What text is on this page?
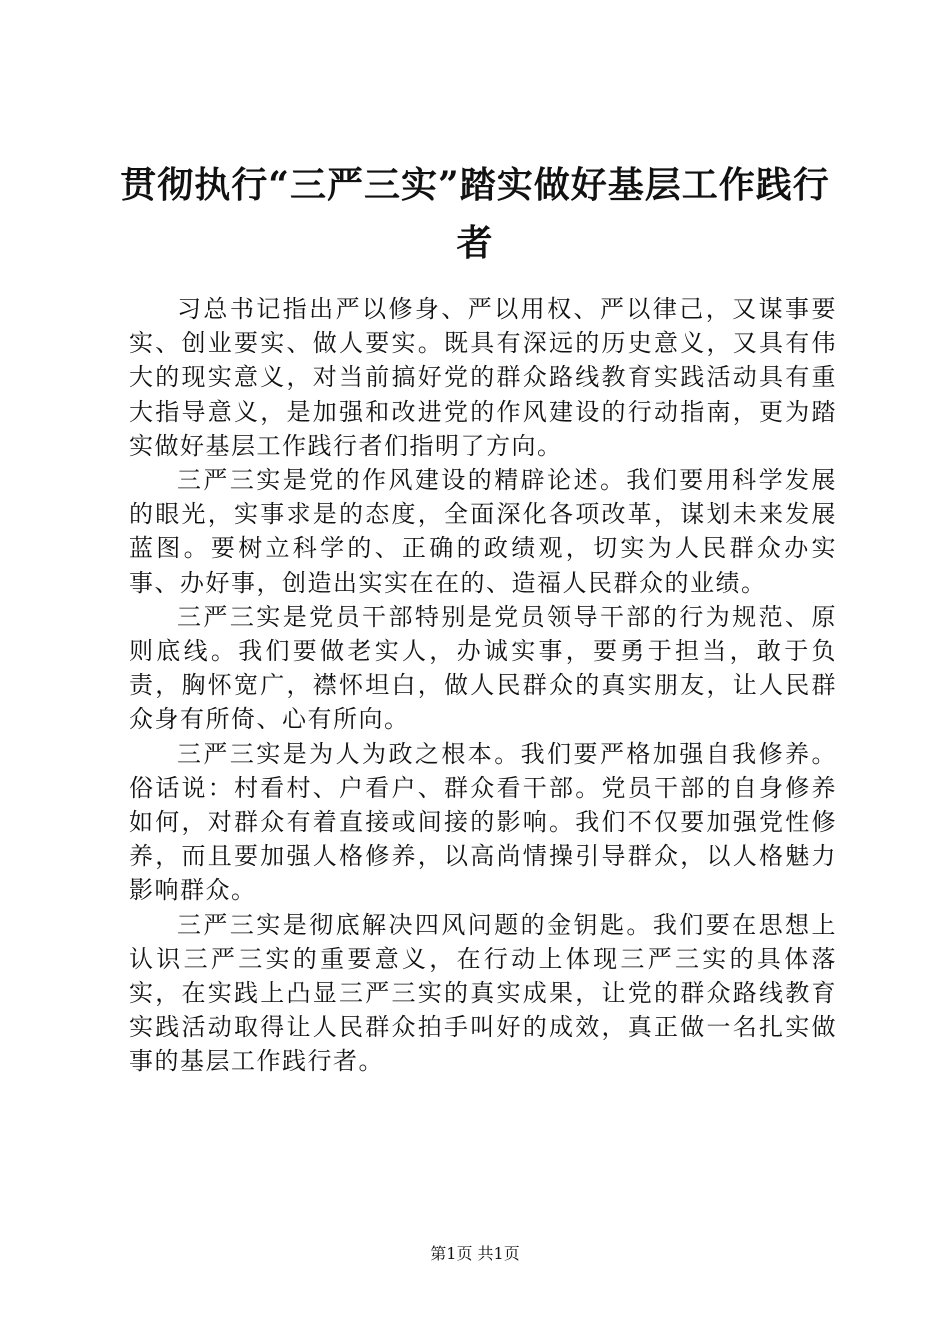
贯彻执行“三严三实”踏实做好基层工作践行者

习总书记指出严以修身、严以用权、严以律己，又谋事要实、创业要实、做人要实。既具有深远的历史意义，又具有伟大的现实意义，对当前搞好党的群众路线教育实践活动具有重大指导意义，是加强和改进党的作风建设的行动指南，更为踏实做好基层工作践行者们指明了方向。

三严三实是党的作风建设的精辟论述。我们要用科学发展的眼光，实事求是的态度，全面深化各项改革，谋划未来发展蓝图。要树立科学的、正确的政绩观，切实为人民群众办实事、办好事，创造出实实在在的、造福人民群众的业绩。

三严三实是党员干部特别是党员领导干部的行为规范、原则底线。我们要做老实人，办诚实事，要勇于担当，敢于负责，胸怀宽广，襟怀坦白，做人民群众的真实朋友，让人民群众身有所倚、心有所向。

三严三实是为人为政之根本。我们要严格加强自我修养。俗话说：村看村、户看户、群众看干部。党员干部的自身修养如何，对群众有着直接或间接的影响。我们不仅要加强党性修养，而且要加强人格修养，以高尚情操引导群众，以人格魅力影响群众。

三严三实是彻底解决四风问题的金钥匙。我们要在思想上认识三严三实的重要意义，在行动上体现三严三实的具体落实，在实践上凸显三严三实的真实成果，让党的群众路线教育实践活动取得让人民群众拍手叫好的成效，真正做一名扎实做事的基层工作践行者。

第1页 共1页
